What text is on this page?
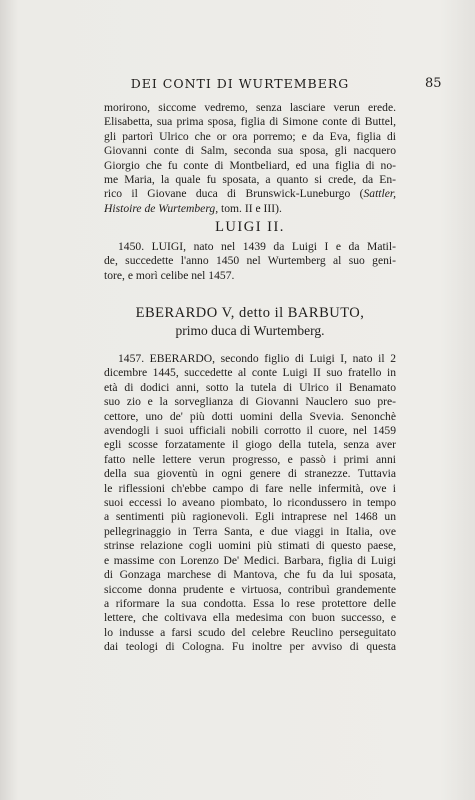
DEI CONTI DI WURTEMBERG	85
morirono, siccome vedremo, senza lasciare verun erede.
Elisabetta, sua prima sposa, figlia di Simone conte di Buttel,
gli partorì Ulrico che or ora porremo; e da Eva, figlia di
Giovanni conte di Salm, seconda sua sposa, gli nacquero
Giorgio che fu conte di Montbeliard, ed una figlia di no-
me Maria, la quale fu sposata, a quanto si crede, da En-
rico il Giovane duca di Brunswick-Luneburgo (Sattler,
Histoire de Wurtemberg, tom. II e III).
LUIGI II.
1450. LUIGI, nato nel 1439 da Luigi I e da Matil-
de, succedette l'anno 1450 nel Wurtemberg al suo geni-
tore, e morì celibe nel 1457.
EBERARDO V, detto il BARBUTO,
primo duca di Wurtemberg.
1457. EBERARDO, secondo figlio di Luigi I, nato il 2
dicembre 1445, succedette al conte Luigi II suo fratello in
età di dodici anni, sotto la tutela di Ulrico il Benamato
suo zio e la sorveglianza di Giovanni Nauclero suo pre-
cettore, uno de' più dotti uomini della Svevia. Senonchè
avendogli i suoi ufficiali nobili corrotto il cuore, nel 1459
egli scosse forzatamente il giogo della tutela, senza aver
fatto nelle lettere verun progresso, e passò i primi anni
della sua gioventù in ogni genere di stranezze. Tuttavia
le riflessioni ch'ebbe campo di fare nelle infermità, ove i
suoi eccessi lo aveano piombato, lo ricondussero in tempo
a sentimenti più ragionevoli. Egli intraprese nel 1468 un
pellegrinaggio in Terra Santa, e due viaggi in Italia, ove
strinse relazione cogli uomini più stimati di questo paese,
e massime con Lorenzo De' Medici. Barbara, figlia di Luigi
di Gonzaga marchese di Mantova, che fu da lui sposata,
siccome donna prudente e virtuosa, contribuì grandemente
a riformare la sua condotta. Essa lo rese protettore delle
lettere, che coltivava ella medesima con buon successo, e
lo indusse a farsi scudo del celebre Reuclino perseguitato
dai teologi di Cologna. Fu inoltre per avviso di questa
